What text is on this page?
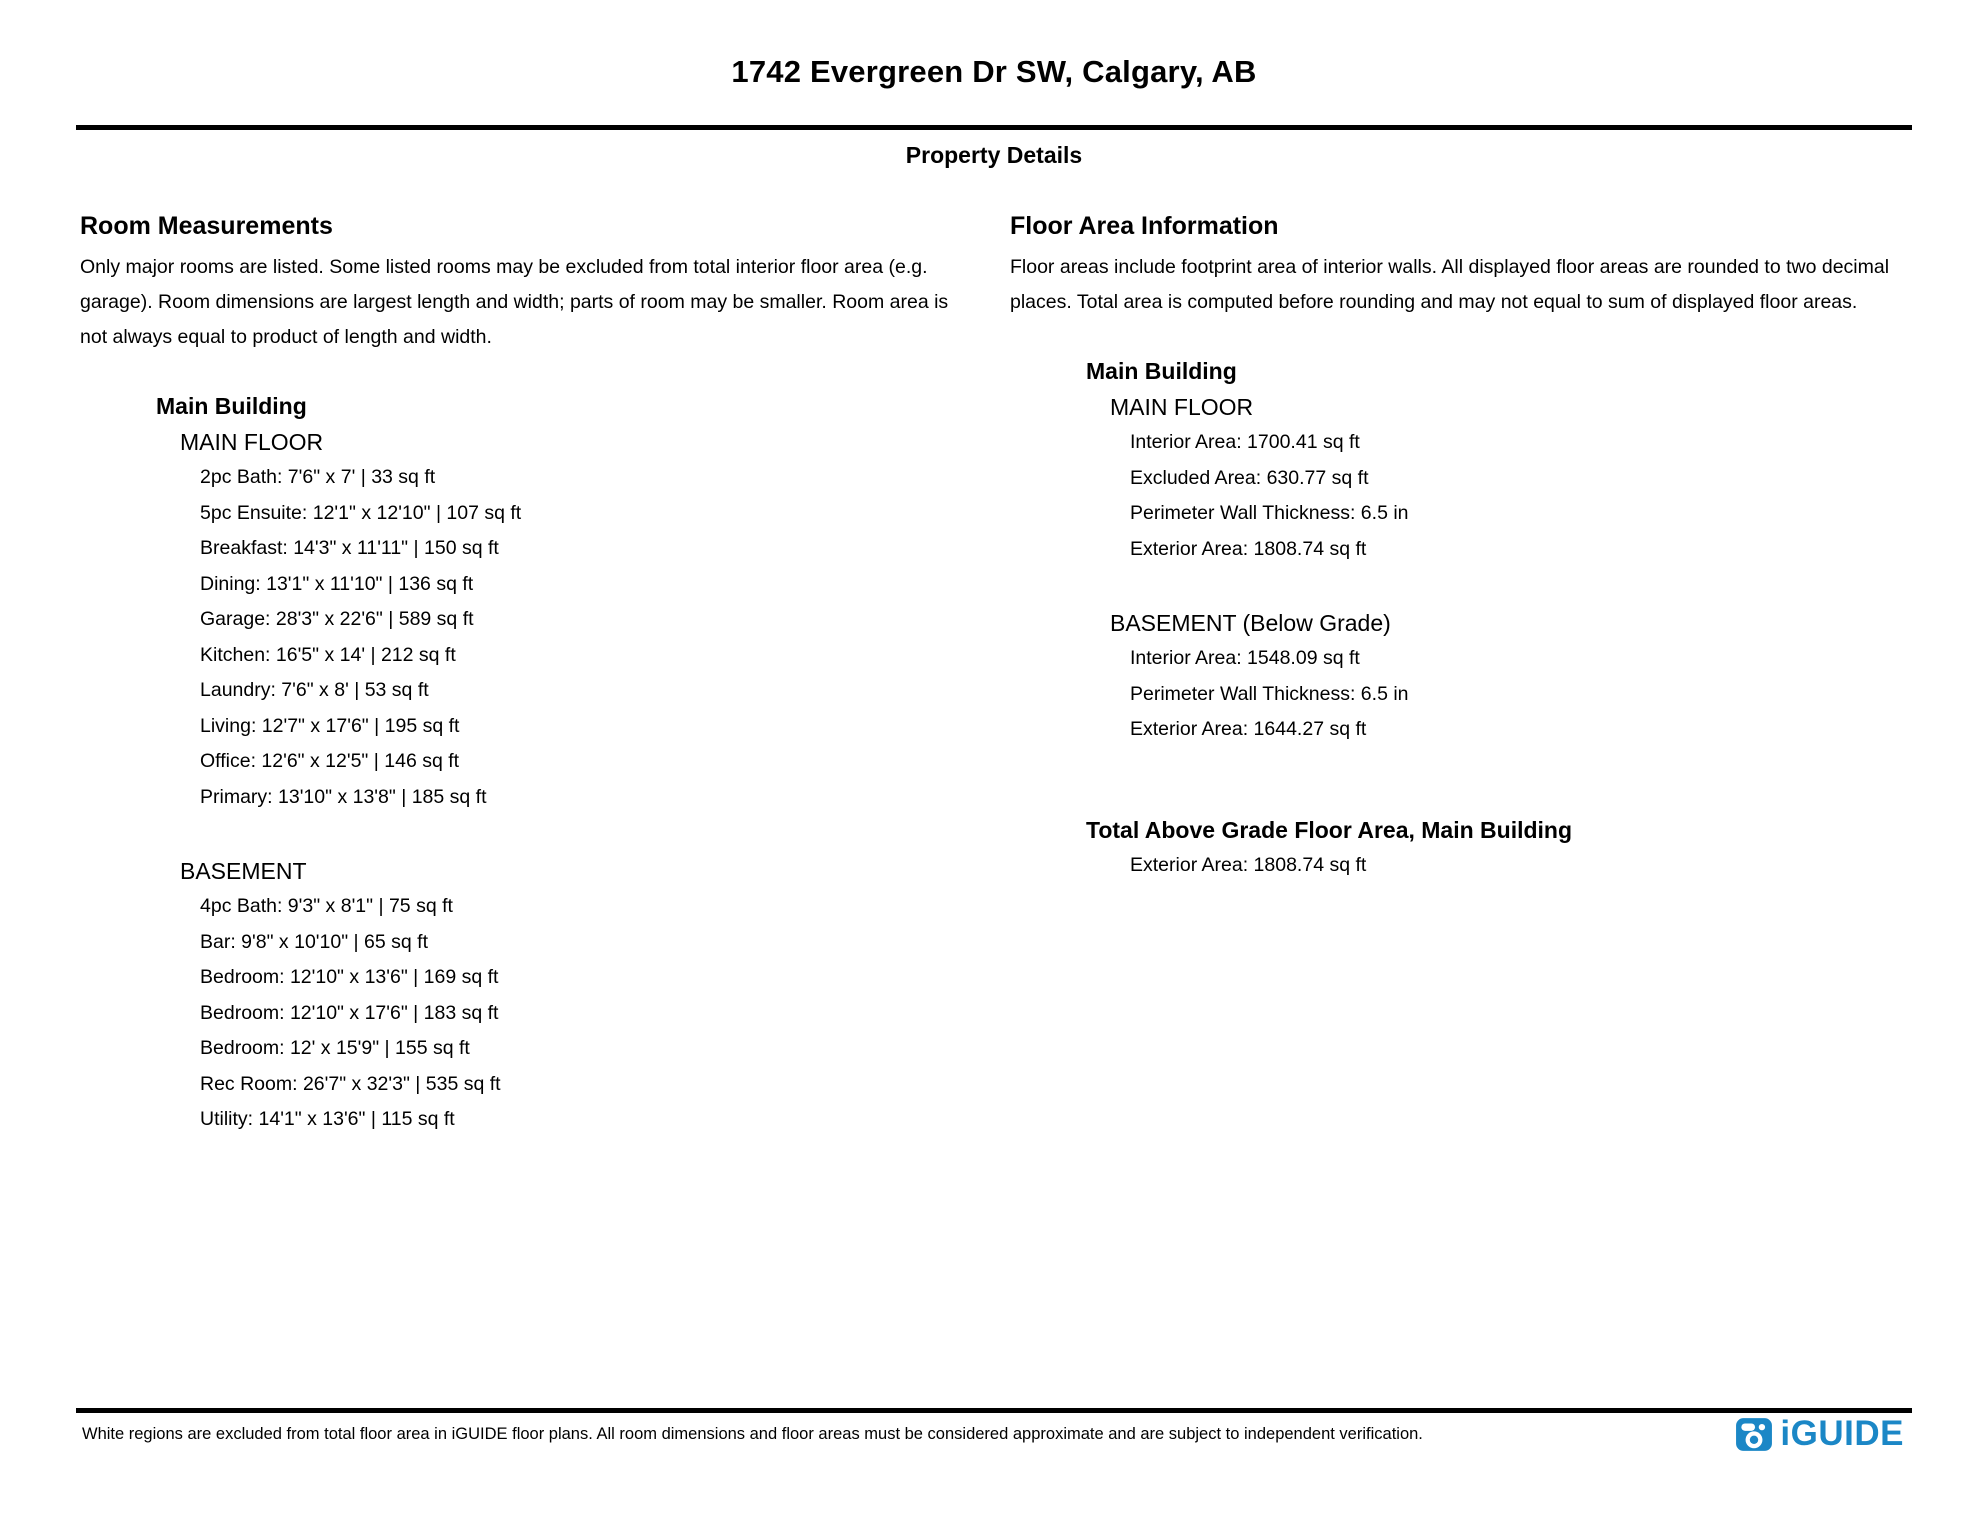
1742 Evergreen Dr SW, Calgary, AB
Property Details
Room Measurements

Only major rooms are listed. Some listed rooms may be excluded from total interior floor area (e.g. garage). Room dimensions are largest length and width; parts of room may be smaller. Room area is not always equal to product of length and width.

Main Building
MAIN FLOOR
2pc Bath: 7'6" x 7' | 33 sq ft
5pc Ensuite: 12'1" x 12'10" | 107 sq ft
Breakfast: 14'3" x 11'11" | 150 sq ft
Dining: 13'1" x 11'10" | 136 sq ft
Garage: 28'3" x 22'6" | 589 sq ft
Kitchen: 16'5" x 14' | 212 sq ft
Laundry: 7'6" x 8' | 53 sq ft
Living: 12'7" x 17'6" | 195 sq ft
Office: 12'6" x 12'5" | 146 sq ft
Primary: 13'10" x 13'8" | 185 sq ft
BASEMENT
4pc Bath: 9'3" x 8'1" | 75 sq ft
Bar: 9'8" x 10'10" | 65 sq ft
Bedroom: 12'10" x 13'6" | 169 sq ft
Bedroom: 12'10" x 17'6" | 183 sq ft
Bedroom: 12' x 15'9" | 155 sq ft
Rec Room: 26'7" x 32'3" | 535 sq ft
Utility: 14'1" x 13'6" | 115 sq ft
Floor Area Information

Floor areas include footprint area of interior walls. All displayed floor areas are rounded to two decimal places. Total area is computed before rounding and may not equal to sum of displayed floor areas.

Main Building
MAIN FLOOR
Interior Area: 1700.41 sq ft
Excluded Area: 630.77 sq ft
Perimeter Wall Thickness: 6.5 in
Exterior Area: 1808.74 sq ft
BASEMENT (Below Grade)
Interior Area: 1548.09 sq ft
Perimeter Wall Thickness: 6.5 in
Exterior Area: 1644.27 sq ft
Total Above Grade Floor Area, Main Building
Exterior Area: 1808.74 sq ft

White regions are excluded from total floor area in iGUIDE floor plans. All room dimensions and floor areas must be considered approximate and are subject to independent verification.	iGUIDE
